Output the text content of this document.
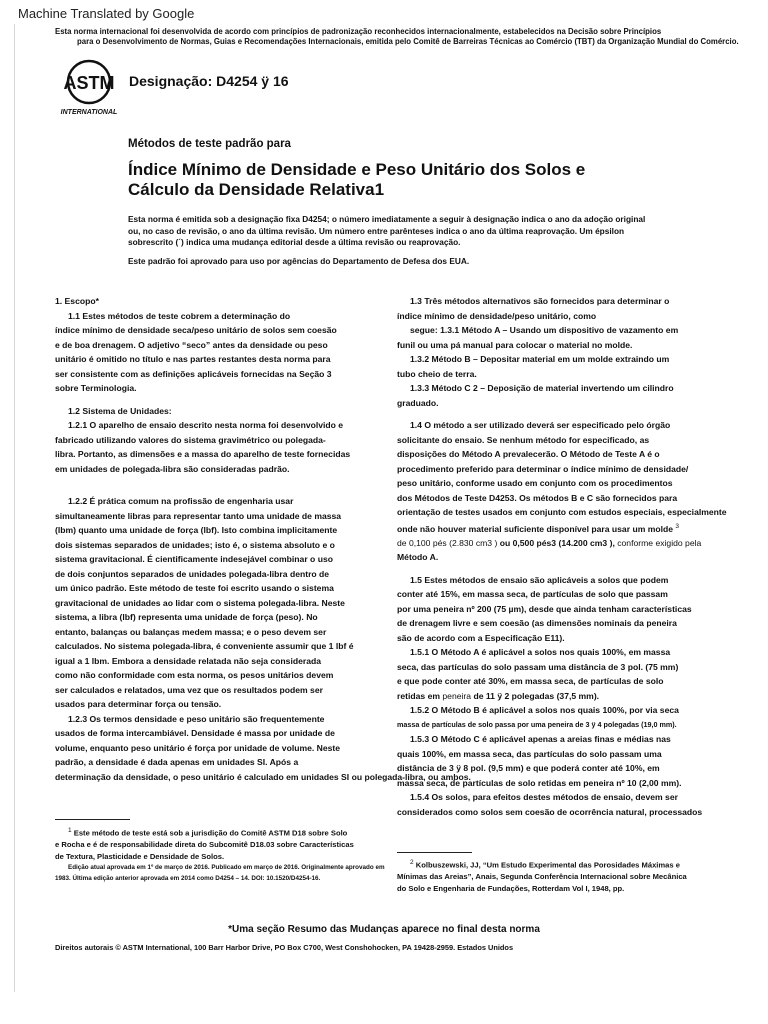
Machine Translated by Google
Esta norma internacional foi desenvolvida de acordo com princípios de padronização reconhecidos internacionalmente, estabelecidos na Decisão sobre Princípios
para o Desenvolvimento de Normas, Guias e Recomendações Internacionais, emitida pelo Comitê de Barreiras Técnicas ao Comércio (TBT) da Organização Mundial do Comércio.
ASTM
INTERNATIONAL
Designação: D4254 ÿ 16
Métodos de teste padrão para
Índice Mínimo de Densidade e Peso Unitário dos Solos e
Cálculo da Densidade Relativa1
Esta norma é emitida sob a designação fixa D4254; o número imediatamente a seguir à designação indica o ano da adoção original
ou, no caso de revisão, o ano da última revisão. Um número entre parênteses indica o ano da última reaprovação. Um épsilon
sobrescrito (´) indica uma mudança editorial desde a última revisão ou reaprovação.
Este padrão foi aprovado para uso por agências do Departamento de Defesa dos EUA.

1. Escopo*

1.1 Estes métodos de teste cobrem a determinação do

índice mínimo de densidade seca/peso unitário de solos sem coesão

e de boa drenagem. O adjetivo “seco” antes da densidade ou peso

unitário é omitido no título e nas partes restantes desta norma para

ser consistente com as definições aplicáveis fornecidas na Seção 3

sobre Terminologia.

1.2 Sistema de Unidades:

1.2.1 O aparelho de ensaio descrito nesta norma foi desenvolvido e

fabricado utilizando valores do sistema gravimétrico ou polegada-

libra. Portanto, as dimensões e a massa do aparelho de teste fornecidas

em unidades de polegada-libra são consideradas padrão.

1.2.2 É prática comum na profissão de engenharia usar

simultaneamente libras para representar tanto uma unidade de massa

(lbm) quanto uma unidade de força (lbf). Isto combina implicitamente

dois sistemas separados de unidades; isto é, o sistema absoluto e o

sistema gravitacional. É cientificamente indesejável combinar o uso

de dois conjuntos separados de unidades polegada-libra dentro de

um único padrão. Este método de teste foi escrito usando o sistema

gravitacional de unidades ao lidar com o sistema polegada-libra. Neste

sistema, a libra (lbf) representa uma unidade de força (peso). No

entanto, balanças ou balanças medem massa; e o peso devem ser

calculados. No sistema polegada-libra, é conveniente assumir que 1 lbf é

igual a 1 lbm. Embora a densidade relatada não seja considerada

como não conformidade com esta norma, os pesos unitários devem

ser calculados e relatados, uma vez que os resultados podem ser

usados para determinar força ou tensão.

1.2.3 Os termos densidade e peso unitário são frequentemente

usados de forma intercambiável. Densidade é massa por unidade de

volume, enquanto peso unitário é força por unidade de volume. Neste

padrão, a densidade é dada apenas em unidades SI. Após a

determinação da densidade, o peso unitário é calculado em unidades SI ou polegada-libra, ou ambos.

1.3 Três métodos alternativos são fornecidos para determinar o

índice mínimo de densidade/peso unitário, como

segue: 1.3.1 Método A – Usando um dispositivo de vazamento em

funil ou uma pá manual para colocar o material no molde.

1.3.2 Método B – Depositar material em um molde extraindo um

tubo cheio de terra.

1.3.3 Método C 2 – Deposição de material invertendo um cilindro

graduado.

1.4 O método a ser utilizado deverá ser especificado pelo órgão

solicitante do ensaio. Se nenhum método for especificado, as

disposições do Método A prevalecerão. O Método de Teste A é o

procedimento preferido para determinar o índice mínimo de densidade/

peso unitário, conforme usado em conjunto com os procedimentos

dos Métodos de Teste D4253. Os métodos B e C são fornecidos para

orientação de testes usados em conjunto com estudos especiais, especialmente

onde não houver material suficiente disponível para usar um molde $^3$

de 0,100 pés (2.830 cm3 ) ou 0,500 pés3 (14.200 cm3 ), conforme exigido pela

Método A.

1.5 Estes métodos de ensaio são aplicáveis a solos que podem

conter até 15%, em massa seca, de partículas de solo que passam

por uma peneira nº 200 (75 µm), desde que ainda tenham características

de drenagem livre e sem coesão (as dimensões nominais da peneira

são de acordo com a Especificação E11).

1.5.1 O Método A é aplicável a solos nos quais 100%, em massa

seca, das partículas do solo passam uma distância de 3 pol. (75 mm)

e que pode conter até 30%, em massa seca, de partículas de solo

retidas em peneira de 11 ÿ 2 polegadas (37,5 mm).

1.5.2 O Método B é aplicável a solos nos quais 100%, por via seca

massa de partículas de solo passa por uma peneira de 3 ÿ 4 polegadas (19,0 mm).

1.5.3 O Método C é aplicável apenas a areias finas e médias nas

quais 100%, em massa seca, das partículas do solo passam uma

distância de 3 ÿ 8 pol. (9,5 mm) e que poderá conter até 10%, em

massa seca, de partículas de solo retidas em peneira nº 10 (2,00 mm).

1.5.4 Os solos, para efeitos destes métodos de ensaio, devem ser

considerados como solos sem coesão de ocorrência natural, processados

1 Este método de teste está sob a jurisdição do Comitê ASTM D18 sobre Solo
e Rocha e é de responsabilidade direta do Subcomitê D18.03 sobre Características
de Textura, Plasticidade e Densidade de Solos.
Edição atual aprovada em 1º de março de 2016. Publicado em março de 2016. Originalmente aprovado em
1983. Última edição anterior aprovada em 2014 como D4254 – 14. DOI: 10.1520/D4254-16.
2 Kolbuszewski, JJ, “Um Estudo Experimental das Porosidades Máximas e
Mínimas das Areias”, Anais, Segunda Conferência Internacional sobre Mecânica
do Solo e Engenharia de Fundações, Rotterdam Vol I, 1948, pp.
*Uma seção Resumo das Mudanças aparece no final desta norma
Direitos autorais © ASTM International, 100 Barr Harbor Drive, PO Box C700, West Conshohocken, PA 19428-2959. Estados Unidos
